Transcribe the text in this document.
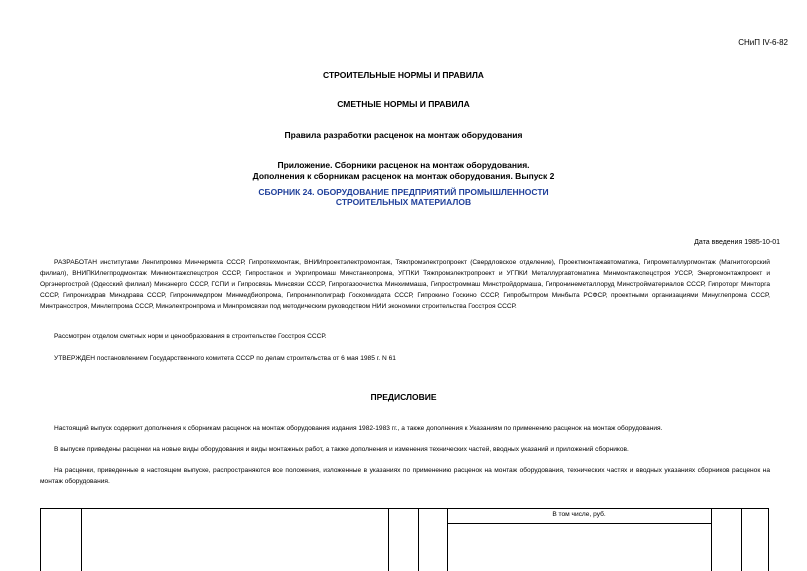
СНиП IV-6-82
СТРОИТЕЛЬНЫЕ НОРМЫ И ПРАВИЛА
СМЕТНЫЕ НОРМЫ И ПРАВИЛА
Правила разработки расценок на монтаж оборудования
Приложение. Сборники расценок на монтаж оборудования.
Дополнения к сборникам расценок на монтаж оборудования. Выпуск 2
СБОРНИК 24. ОБОРУДОВАНИЕ ПРЕДПРИЯТИЙ ПРОМЫШЛЕННОСТИ
СТРОИТЕЛЬНЫХ МАТЕРИАЛОВ
Дата введения 1985-10-01
РАЗРАБОТАН институтами Ленгипромез Минчермета СССР, Гипротехмонтаж, ВНИИпроектэлектромонтаж, Тяжпромэлектропроект (Свердловское отделение), Проектмонтажавтоматика, Гипрометаллургмонтаж (Магнитогорский филиал), ВНИПКИлегпродмонтаж Минмонтажспецстроя СССР, Гипростанок и Укргипромаш Минстанкопрома, УГПКИ Тяжпромэлектропроект и УГПКИ Металлургавтоматика Минмонтажспецстроя УССР, Энергомонтажпроект и Оргэнергострой (Одесский филиал) Минэнерго СССР, ГСПИ и Гипросвязь Минсвязи СССР, Гипрогазоочистка Минхиммаша, Гипростроммаш Минстройдормаша, Гипронинеметаллоруд Минстройматериалов СССР, Гипроторг Минторга СССР, Гипрониздрав Минздрава СССР, Гипронимедпром Минмедбиопрома, Гипронинполиграф Госкомиздата СССР, Гипрокино Госкино СССР, Гипробытпром Минбыта РСФСР, проектными организациями Минуглепрома СССР, Минтрансстроя, Минлегпрома СССР, Минэлектронпрома и Минпромсвязи под методическим руководством НИИ экономики строительства Госстроя СССР.
Рассмотрен отделом сметных норм и ценообразования в строительстве Госстроя СССР.
УТВЕРЖДЕН постановлением Государственного комитета СССР по делам строительства от 6 мая 1985 г. N 61
ПРЕДИСЛОВИЕ
Настоящий выпуск содержит дополнения к сборникам расценок на монтаж оборудования издания 1982-1983 гг., а также дополнения к Указаниям по применению расценок на монтаж оборудования.
В выпуске приведены расценки на новые виды оборудования и виды монтажных работ, а также дополнения и изменения технических частей, вводных указаний и приложений сборников.
На расценки, приведенные в настоящем выпуске, распространяются все положения, изложенные в указаниях по применению расценок на монтаж оборудования, технических частях и вводных указаниях сборников расценок на монтаж оборудования.
В том числе, руб.
